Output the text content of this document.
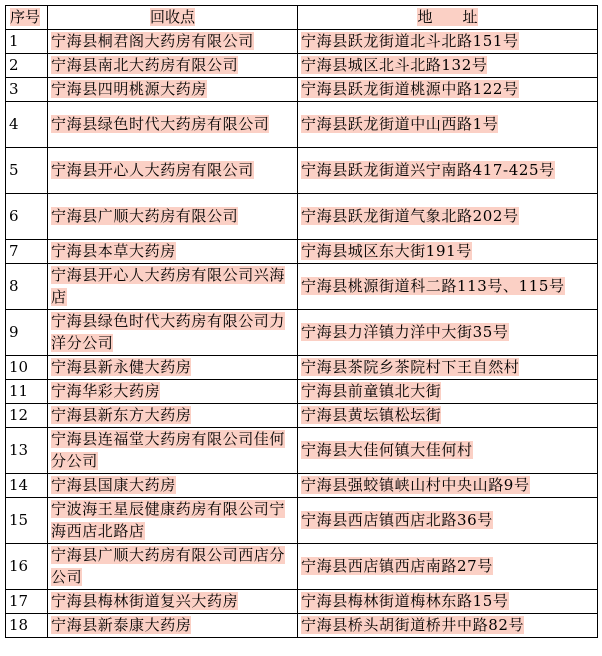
序号	回收点	地　　址
1	宁海县桐君阁大药房有限公司	宁海县跃龙街道北斗北路151号
2	宁海县南北大药房有限公司	宁海县城区北斗北路132号
3	宁海县四明桃源大药房	宁海县跃龙街道桃源中路122号
4	宁海县绿色时代大药房有限公司	宁海县跃龙街道中山西路1号
5	宁海县开心人大药房有限公司	宁海县跃龙街道兴宁南路417-425号
6	宁海县广顺大药房有限公司	宁海县跃龙街道气象北路202号
7	宁海县本草大药房	宁海县城区东大街191号
8	宁海县开心人大药房有限公司兴海店	宁海县桃源街道科二路113号、115号
9	宁海县绿色时代大药房有限公司力洋分公司	宁海县力洋镇力洋中大街35号
10	宁海县新永健大药房	宁海县茶院乡茶院村下王自然村
11	宁海华彩大药房	宁海县前童镇北大街
12	宁海县新东方大药房	宁海县黄坛镇松坛街
13	宁海县连福堂大药房有限公司佳何分公司	宁海县大佳何镇大佳何村
14	宁海县国康大药房	宁海县强蛟镇峡山村中央山路9号
15	宁波海王星辰健康药房有限公司宁海西店北路店	宁海县西店镇西店北路36号
16	宁海县广顺大药房有限公司西店分公司	宁海县西店镇西店南路27号
17	宁海县梅林街道复兴大药房	宁海县梅林街道梅林东路15号
18	宁海县新泰康大药房	宁海县桥头胡街道桥井中路82号
